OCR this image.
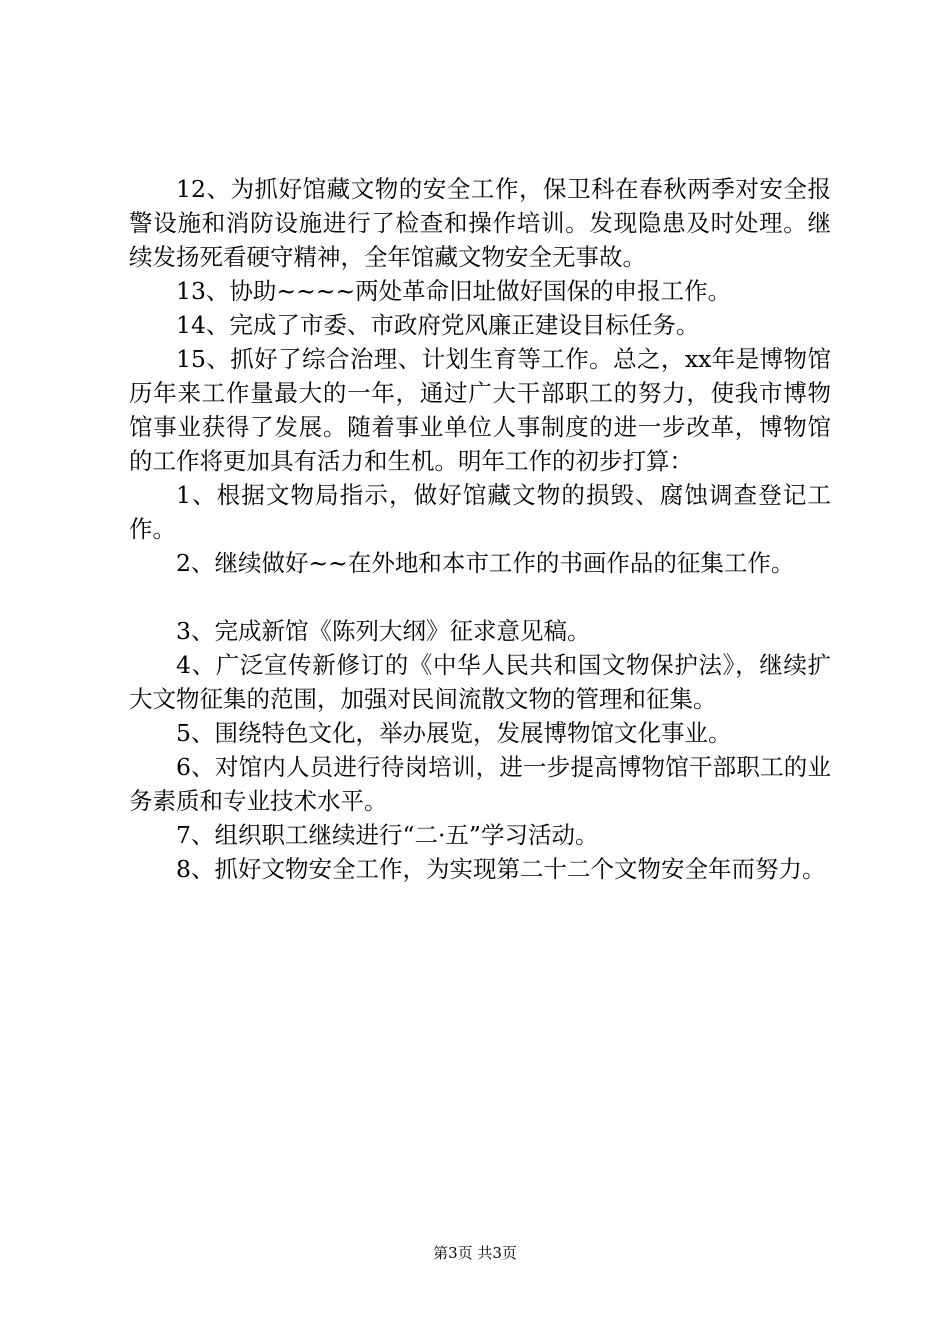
12、为抓好馆藏文物的安全工作，保卫科在春秋两季对安全报警设施和消防设施进行了检查和操作培训。发现隐患及时处理。继续发扬死看硬守精神，全年馆藏文物安全无事故。

13、协助~~~~两处革命旧址做好国保的申报工作。

14、完成了市委、市政府党风廉正建设目标任务。

15、抓好了综合治理、计划生育等工作。总之，xx年是博物馆历年来工作量最大的一年，通过广大干部职工的努力，使我市博物馆事业获得了发展。随着事业单位人事制度的进一步改革，博物馆的工作将更加具有活力和生机。明年工作的初步打算：

1、根据文物局指示，做好馆藏文物的损毁、腐蚀调查登记工作。

2、继续做好~~在外地和本市工作的书画作品的征集工作。

3、完成新馆《陈列大纲》征求意见稿。

4、广泛宣传新修订的《中华人民共和国文物保护法》，继续扩大文物征集的范围，加强对民间流散文物的管理和征集。

5、围绕特色文化，举办展览，发展博物馆文化事业。

6、对馆内人员进行待岗培训，进一步提高博物馆干部职工的业务素质和专业技术水平。

7、组织职工继续进行“二·五”学习活动。

8、抓好文物安全工作，为实现第二十二个文物安全年而努力。

第3页 共3页
